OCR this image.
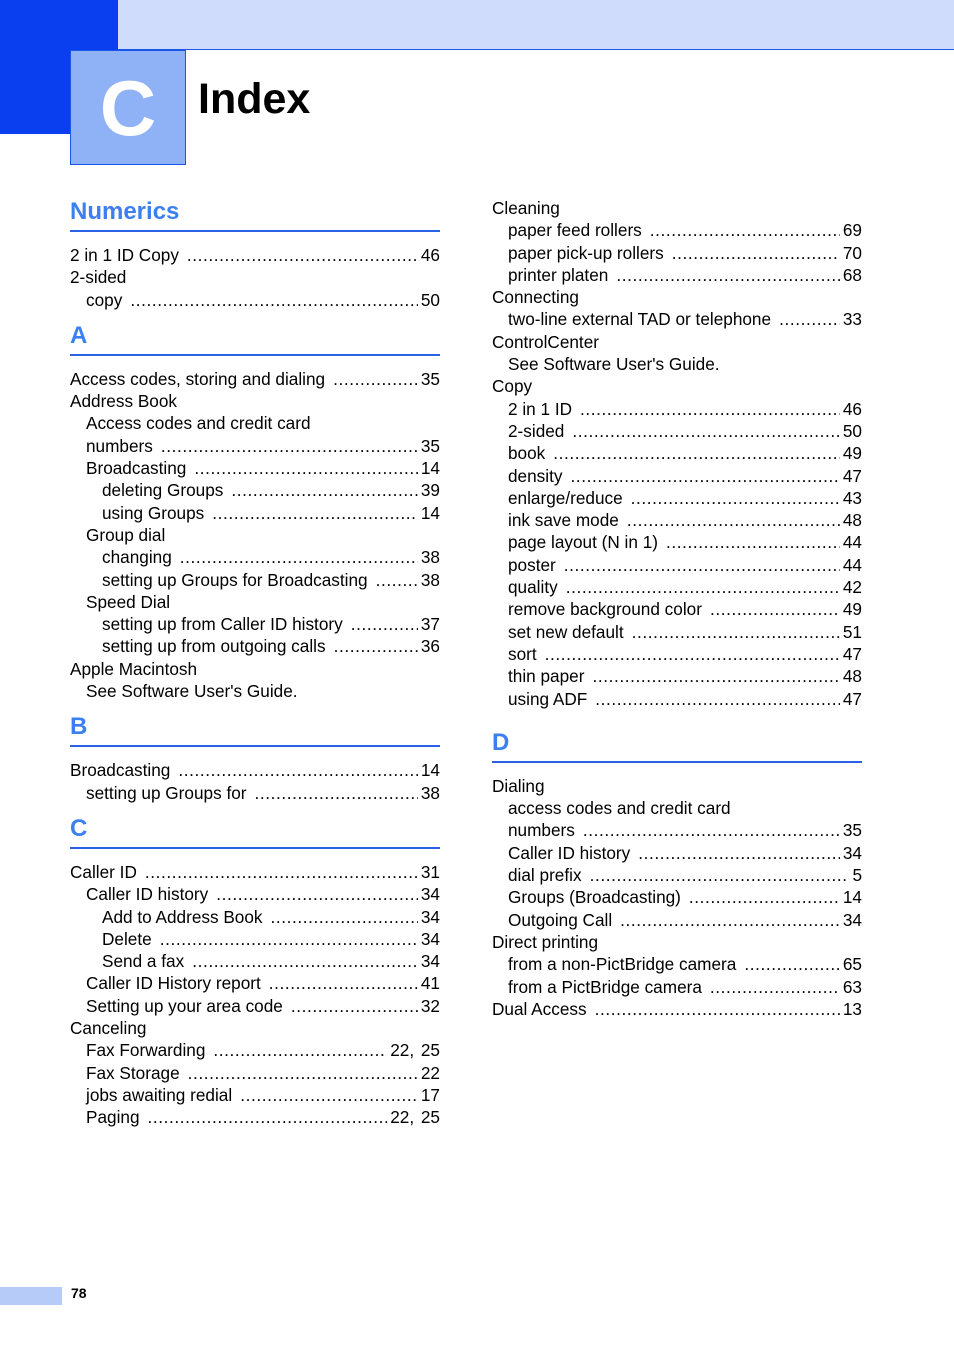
C Index
Numerics
2 in 1 ID Copy .....	46
2-sided
copy .....	50
A
Access codes, storing and dialing .....	35
Address Book
Access codes and credit card
numbers .....	35
Broadcasting .....	14
deleting Groups .....	39
using Groups .....	14
Group dial
changing .....	38
setting up Groups for Broadcasting .....	38
Speed Dial
setting up from Caller ID history .....	37
setting up from outgoing calls .....	36
Apple Macintosh
See Software User's Guide.
B
Broadcasting .....	14
setting up Groups for .....	38
C
Caller ID .....	31
Caller ID history .....	34
Add to Address Book .....	34
Delete .....	34
Send a fax .....	34
Caller ID History report .....	41
Setting up your area code .....	32
Canceling
Fax Forwarding .....	22, 25
Fax Storage .....	22
jobs awaiting redial .....	17
Paging .....	22, 25
Cleaning
paper feed rollers .....	69
paper pick-up rollers .....	70
printer platen .....	68
Connecting
two-line external TAD or telephone .....	33
ControlCenter
See Software User's Guide.
Copy
2 in 1 ID .....	46
2-sided .....	50
book .....	49
density .....	47
enlarge/reduce .....	43
ink save mode .....	48
page layout (N in 1) .....	44
poster .....	44
quality .....	42
remove background color .....	49
set new default .....	51
sort .....	47
thin paper .....	48
using ADF .....	47
D
Dialing
access codes and credit card
numbers .....	35
Caller ID history .....	34
dial prefix .....	5
Groups (Broadcasting) .....	14
Outgoing Call .....	34
Direct printing
from a non-PictBridge camera .....	65
from a PictBridge camera .....	63
Dual Access .....	13
78
